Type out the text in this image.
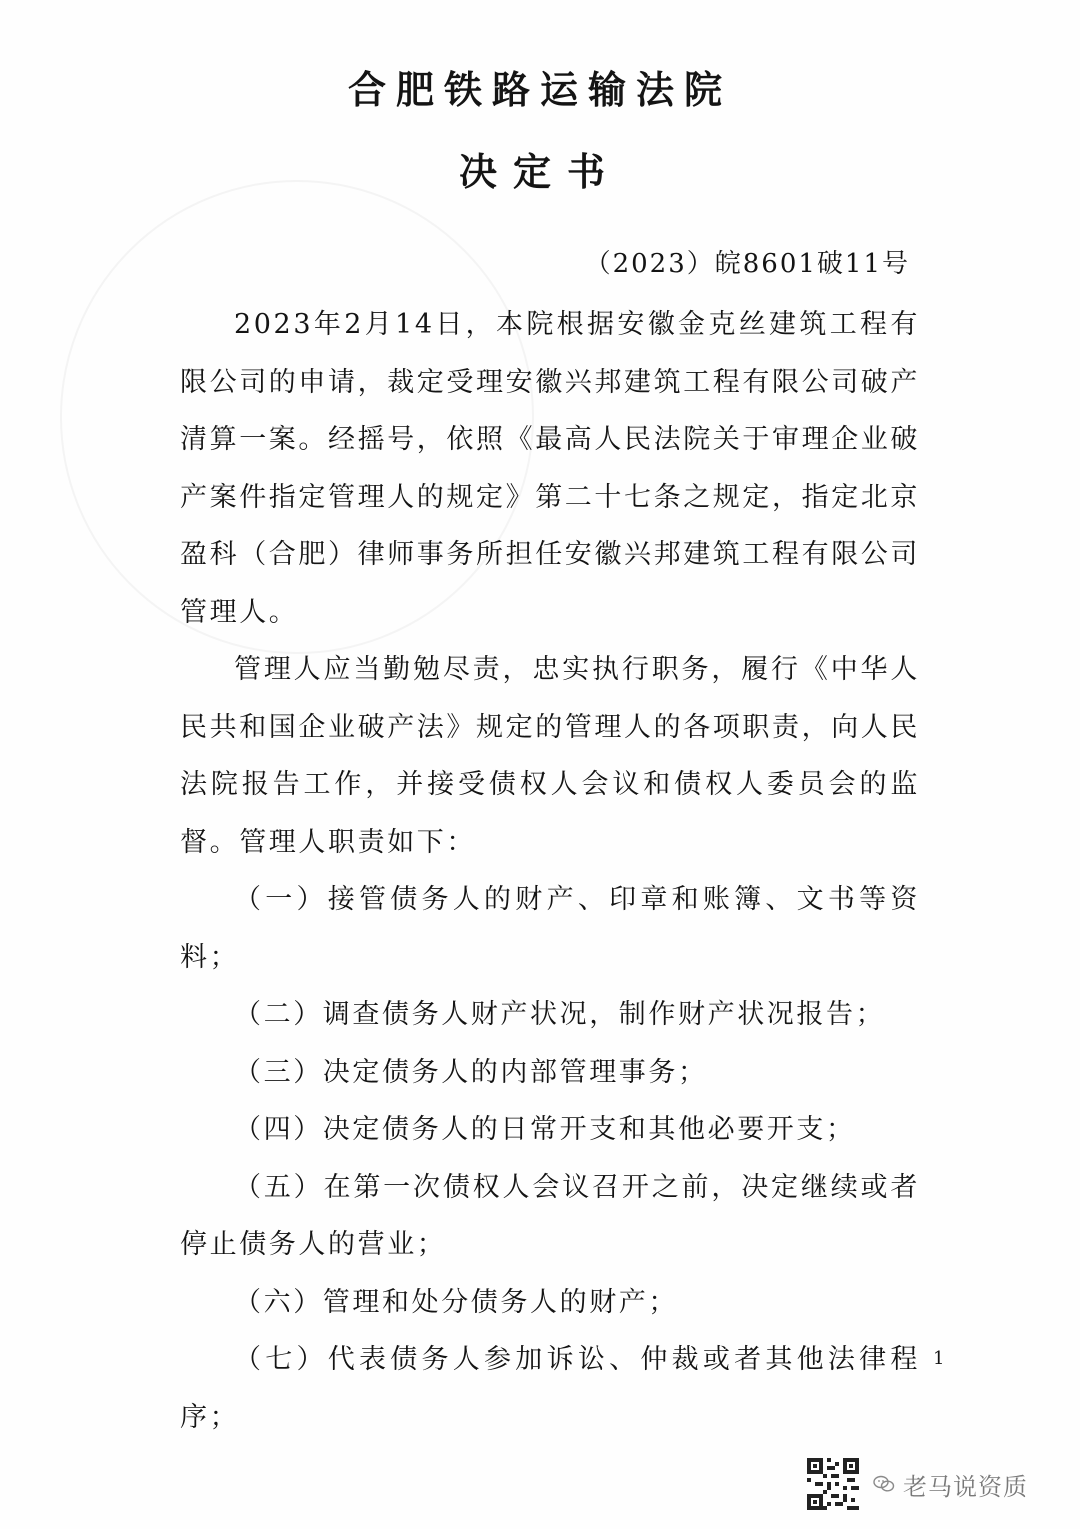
合肥铁路运输法院
决定书
（2023）皖8601破11号

2023年2月14日，本院根据安徽金克丝建筑工程有限公司的申请，裁定受理安徽兴邦建筑工程有限公司破产清算一案。经摇号，依照《最高人民法院关于审理企业破产案件指定管理人的规定》第二十七条之规定，指定北京盈科（合肥）律师事务所担任安徽兴邦建筑工程有限公司管理人。

管理人应当勤勉尽责，忠实执行职务，履行《中华人民共和国企业破产法》规定的管理人的各项职责，向人民法院报告工作，并接受债权人会议和债权人委员会的监督。管理人职责如下：

（一）接管债务人的财产、印章和账簿、文书等资料；
（二）调查债务人财产状况，制作财产状况报告；
（三）决定债务人的内部管理事务；
（四）决定债务人的日常开支和其他必要开支；
（五）在第一次债权人会议召开之前，决定继续或者停止债务人的营业；
（六）管理和处分债务人的财产；
（七）代表债务人参加诉讼、仲裁或者其他法律程序；
1
老马说资质
